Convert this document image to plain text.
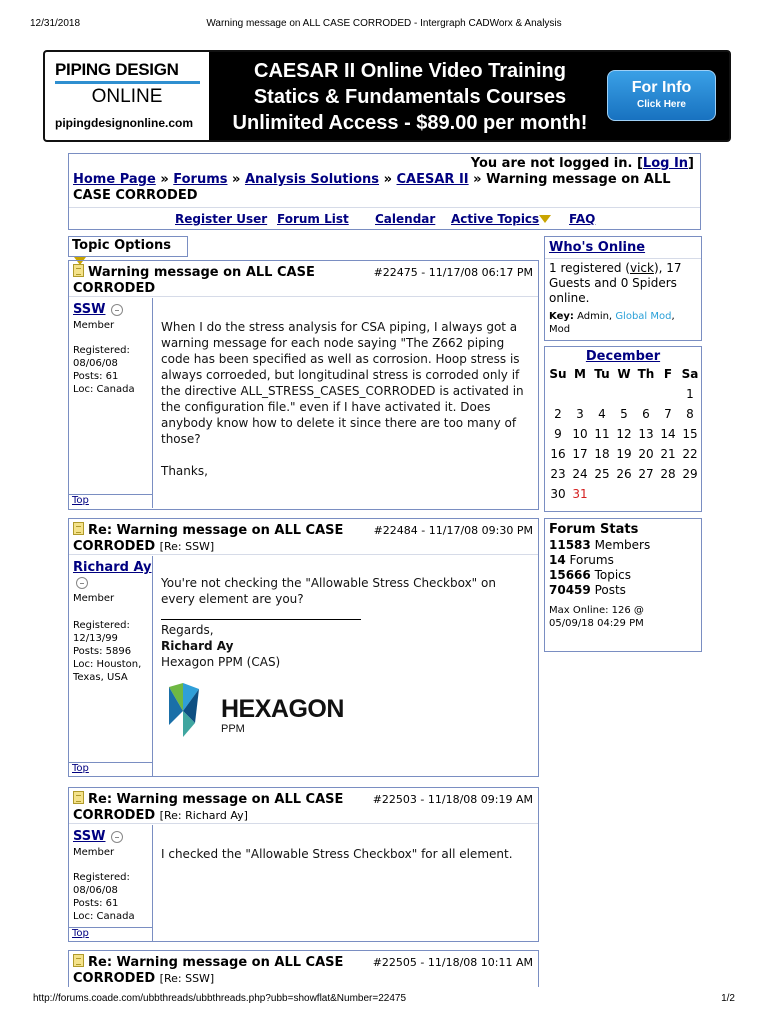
12/31/2018	Warning message on ALL CASE CORRODED - Intergraph CADWorx & Analysis
PIPING DESIGN
ONLINE
pipingdesignonline.com
CAESAR II Online Video Training
Statics & Fundamentals Courses
Unlimited Access - $89.00 per month!
For Info
Click Here
You are not logged in. [Log In]
Home Page » Forums » Analysis Solutions » CAESAR II » Warning message on ALL CASE CORRODED
Register User Forum List Calendar Active Topics FAQ
Topic Options
Warning message on ALL CASE CORRODED
#22475 - 11/17/08 06:17 PM
SSW
Member
Registered:
08/06/08
Posts: 61
Loc: Canada
When I do the stress analysis for CSA piping, I always got a warning message for each node saying "The Z662 piping code has been specified as well as corrosion. Hoop stress is always corroeded, but longitudinal stress is corroded only if the directive ALL_STRESS_CASES_CORRODED is activated in the configuration file." even if I have activated it. Does anybody know how to delete it since there are too many of those?
Thanks,
Top
Re: Warning message on ALL CASE CORRODED [Re: SSW]
#22484 - 11/17/08 09:30 PM
Richard Ay
Member
Registered:
12/13/99
Posts: 5896
Loc: Houston, Texas, USA
You're not checking the "Allowable Stress Checkbox" on every element are you?
Regards,
Richard Ay
Hexagon PPM (CAS)
HEXAGON
PPM
Top
Re: Warning message on ALL CASE CORRODED [Re: Richard Ay]
#22503 - 11/18/08 09:19 AM
SSW
Member
Registered:
08/06/08
Posts: 61
Loc: Canada
I checked the "Allowable Stress Checkbox" for all element.
Top
Re: Warning message on ALL CASE CORRODED [Re: SSW]
#22505 - 11/18/08 10:11 AM
Who's Online
1 registered (vick), 17 Guests and 0 Spiders online.
Key: Admin, Global Mod, Mod
December
Su	M	Tu	W	Th	F	Sa
						1
2	3	4	5	6	7	8
9	10	11	12	13	14	15
16	17	18	19	20	21	22
23	24	25	26	27	28	29
30	31					
Forum Stats
11583 Members
14 Forums
15666 Topics
70459 Posts
Max Online: 126 @
05/09/18 04:29 PM
http://forums.coade.com/ubbthreads/ubbthreads.php?ubb=showflat&Number=22475	1/2
